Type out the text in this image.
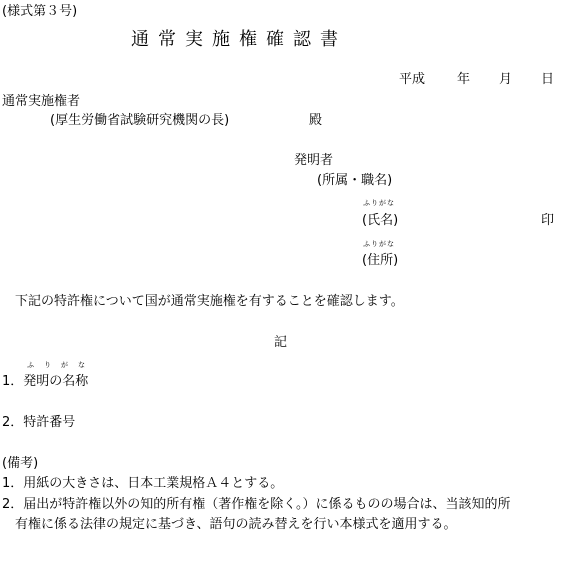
(様式第３号)
通常実施権確認書
平成 年 月 日
通常実施権者
(厚生労働省試験研究機関の長)	殿
発明者
(所属・職名)
ふりがな
(氏名)	印
ふりがな
(住所)
下記の特許権について国が通常実施権を有することを確認します。
記
ふりがな
1．発明の名称
2．特許番号
(備考)
1．用紙の大きさは、日本工業規格Ａ４とする。
2．届出が特許権以外の知的所有権（著作権を除く。）に係るものの場合は、当該知的所
有権に係る法律の規定に基づき、語句の読み替えを行い本様式を適用する。
